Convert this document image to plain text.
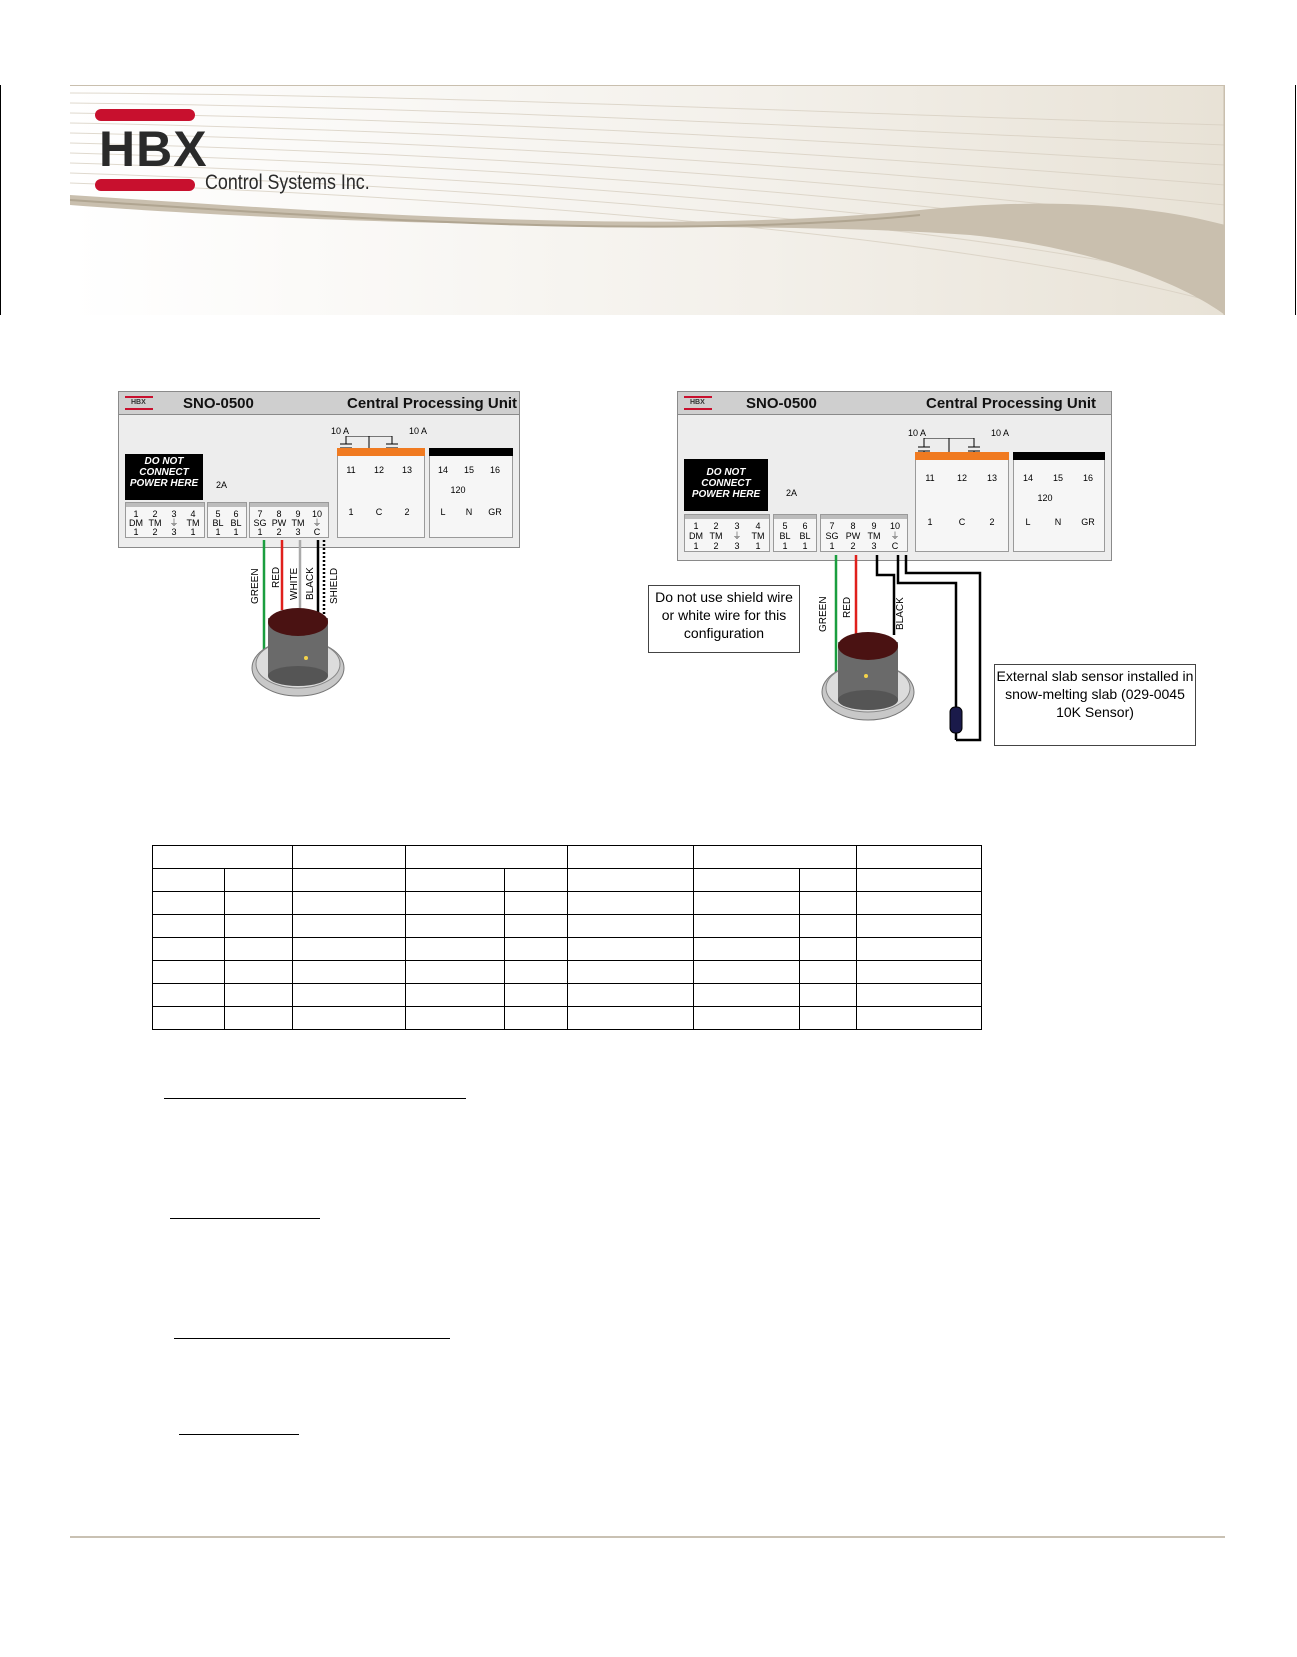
HBX
Control Systems Inc.
HBX SNO-0500	Central Processing Unit
DO NOT CONNECT POWER HERE
1	2	3	4
DM TM ⏚ TM
1	2	3	1
2A
5	6
BL BL
1	1
7	8	9	10
SG PW TM ⏚
1	2	3	C
10 A	10 A
11	12	13
1	C	2
14	15	16
120
L	N	GR
GREEN RED WHITE BLACK SHIELD
HBX	SNO-0500	Central Processing Unit
DO NOT CONNECT POWER HERE
1	2	3	4
DM TM	⏚	TM
1	2	3	1
2A
5	6
BL BL
1	1
7	8	9	10
SG PW TM	⏚
1	2	3	C
10 A	10 A
11	12	13
1	C	2
14	15	16
120
L	N	GR
GREEN RED	BLACK
Do not use shield wire or white wire for this configuration
External slab sensor installed in snow-melting slab (029-0045 10K Sensor)
